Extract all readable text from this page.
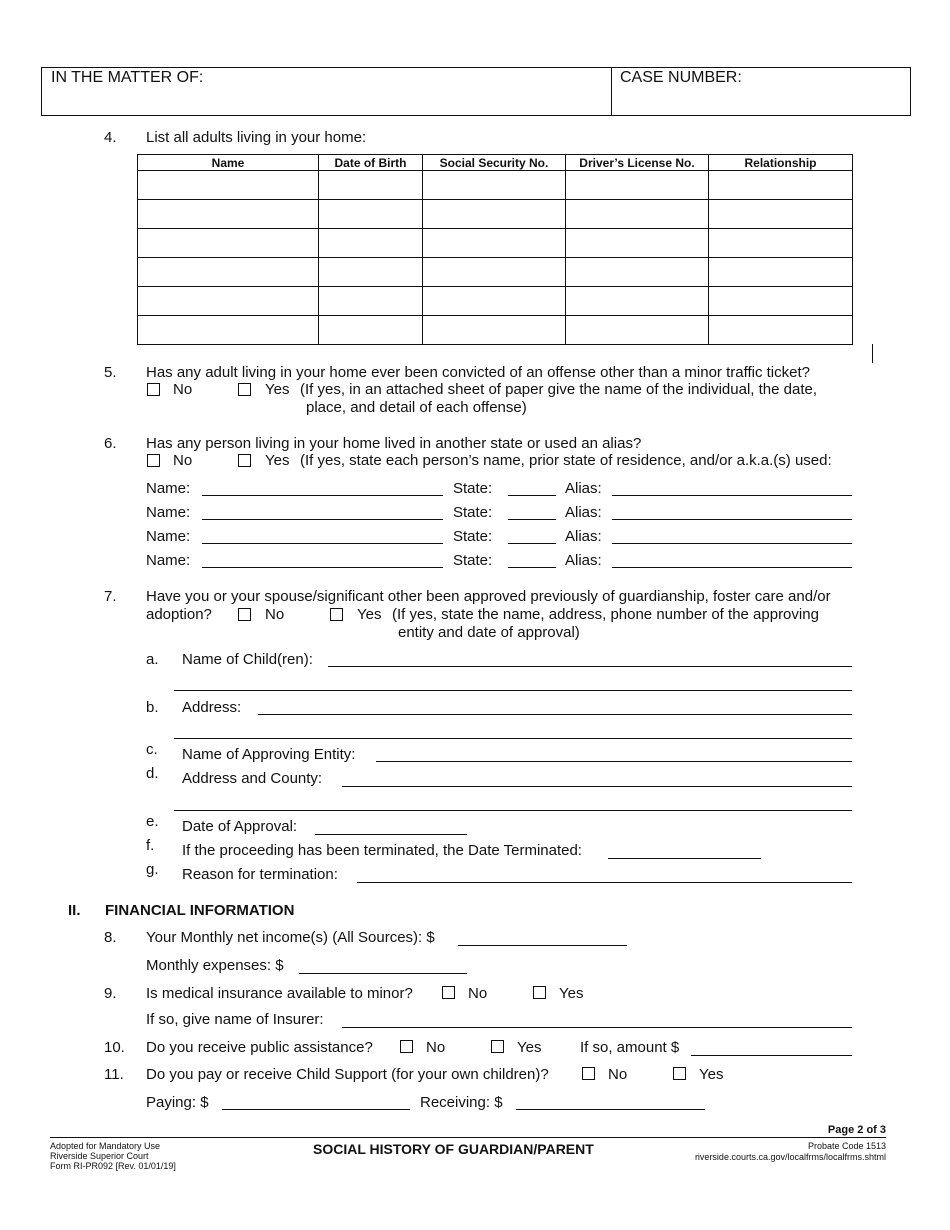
IN THE MATTER OF:	CASE NUMBER:
4. List all adults living in your home:
Name	Date of Birth	Social Security No.	Driver’s License No.	Relationship

5. Has any adult living in your home ever been convicted of an offense other than a minor traffic ticket?
No	Yes (If yes, in an attached sheet of paper give the name of the individual, the date,
place, and detail of each offense)
6. Has any person living in your home lived in another state or used an alias?
No	Yes (If yes, state each person’s name, prior state of residence, and/or a.k.a.(s) used:
Name:	State:	Alias:
Name:	State:	Alias:
Name:	State:	Alias:
Name:	State:	Alias:
7. Have you or your spouse/significant other been approved previously of guardianship, foster care and/or
adoption?	No	Yes (If yes, state the name, address, phone number of the approving
entity and date of approval)
a. Name of Child(ren):
b. Address:
c. Name of Approving Entity:
d. Address and County:
e. Date of Approval:
f. If the proceeding has been terminated, the Date Terminated:
g. Reason for termination:
II. FINANCIAL INFORMATION
8. Your Monthly net income(s) (All Sources): $
Monthly expenses: $
9. Is medical insurance available to minor?	No	Yes
If so, give name of Insurer:
10. Do you receive public assistance?	No	Yes	If so, amount $
11. Do you pay or receive Child Support (for your own children)?	No	Yes
Paying: $	Receiving: $
Page 2 of 3
Adopted for Mandatory Use
Riverside Superior Court
Form RI-PR092 [Rev. 01/01/19]
SOCIAL HISTORY OF GUARDIAN/PARENT	Probate Code 1513
riverside.courts.ca.gov/localfrms/localfrms.shtml
